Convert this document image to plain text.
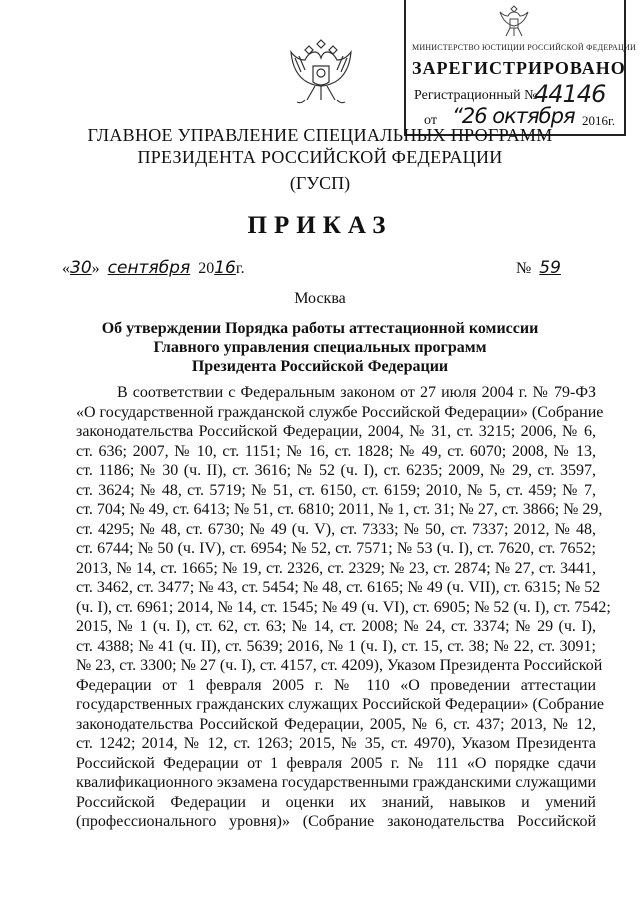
МИНИСТЕРСТВО ЮСТИЦИИ РОССИЙСКОЙ ФЕДЕРАЦИИ
ЗАРЕГИСТРИРОВАНО
Регистрационный №
44146
от “26 октября 2016г.
ГЛАВНОЕ УПРАВЛЕНИЕ СПЕЦИАЛЬНЫХ ПРОГРАММ
ПРЕЗИДЕНТА РОССИЙСКОЙ ФЕДЕРАЦИИ
(ГУСП)
ПРИКАЗ
«30» сентября 2016г.	№ 59
Москва
Об утверждении Порядка работы аттестационной комиссии
Главного управления специальных программ
Президента Российской Федерации
В соответствии с Федеральным законом от 27 июля 2004 г. № 79-ФЗ
«О государственной гражданской службе Российской Федерации» (Собрание
законодательства Российской Федерации, 2004, № 31, ст. 3215; 2006, № 6,
ст. 636; 2007, № 10, ст. 1151; № 16, ст. 1828; № 49, ст. 6070; 2008, № 13,
ст. 1186; № 30 (ч. II), ст. 3616; № 52 (ч. I), ст. 6235; 2009, № 29, ст. 3597,
ст. 3624; № 48, ст. 5719; № 51, ст. 6150, ст. 6159; 2010, № 5, ст. 459; № 7,
ст. 704; № 49, ст. 6413; № 51, ст. 6810; 2011, № 1, ст. 31; № 27, ст. 3866; № 29,
ст. 4295; № 48, ст. 6730; № 49 (ч. V), ст. 7333; № 50, ст. 7337; 2012, № 48,
ст. 6744; № 50 (ч. IV), ст. 6954; № 52, ст. 7571; № 53 (ч. I), ст. 7620, ст. 7652;
2013, № 14, ст. 1665; № 19, ст. 2326, ст. 2329; № 23, ст. 2874; № 27, ст. 3441,
ст. 3462, ст. 3477; № 43, ст. 5454; № 48, ст. 6165; № 49 (ч. VII), ст. 6315; № 52
(ч. I), ст. 6961; 2014, № 14, ст. 1545; № 49 (ч. VI), ст. 6905; № 52 (ч. I), ст. 7542;
2015, № 1 (ч. I), ст. 62, ст. 63; № 14, ст. 2008; № 24, ст. 3374; № 29 (ч. I),
ст. 4388; № 41 (ч. II), ст. 5639; 2016, № 1 (ч. I), ст. 15, ст. 38; № 22, ст. 3091;
№ 23, ст. 3300; № 27 (ч. I), ст. 4157, ст. 4209), Указом Президента Российской
Федерации от 1 февраля 2005 г. № 110 «О проведении аттестации
государственных гражданских служащих Российской Федерации» (Собрание
законодательства Российской Федерации, 2005, № 6, ст. 437; 2013, № 12,
ст. 1242; 2014, № 12, ст. 1263; 2015, № 35, ст. 4970), Указом Президента
Российской Федерации от 1 февраля 2005 г. № 111 «О порядке сдачи
квалификационного экзамена государственными гражданскими служащими
Российской Федерации и оценки их знаний, навыков и умений
(профессионального уровня)» (Собрание законодательства Российской
